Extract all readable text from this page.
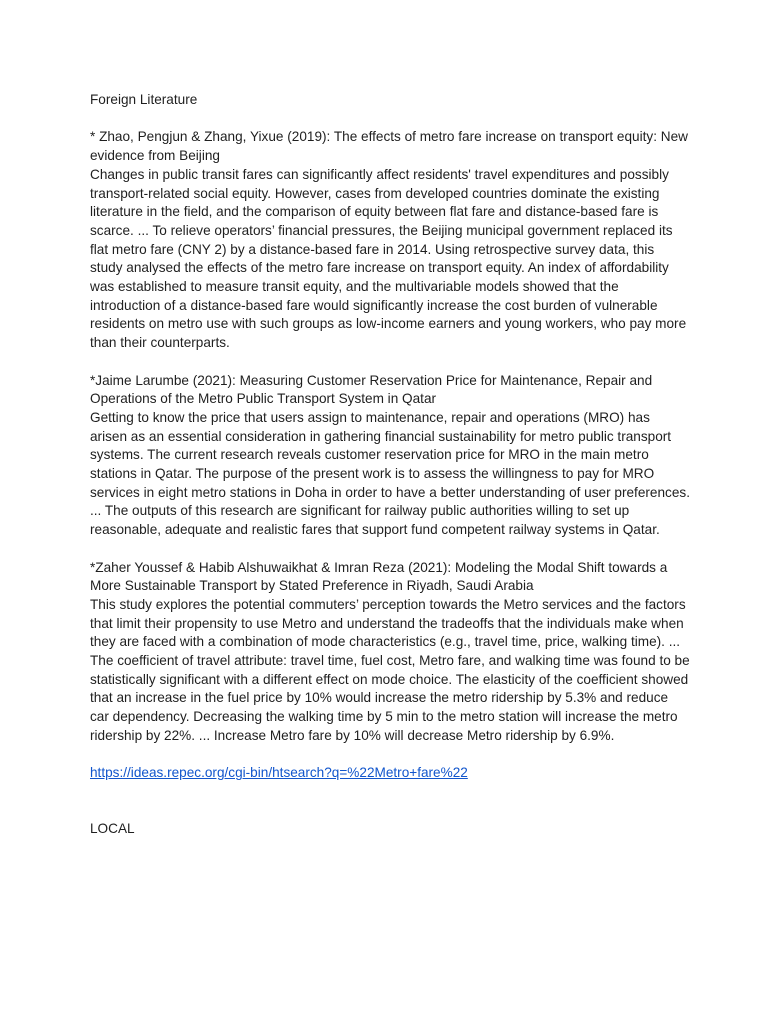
Foreign Literature

* Zhao, Pengjun & Zhang, Yixue (2019): The effects of metro fare increase on transport equity: New evidence from Beijing

Changes in public transit fares can significantly affect residents' travel expenditures and possibly transport-related social equity. However, cases from developed countries dominate the existing literature in the field, and the comparison of equity between flat fare and distance-based fare is scarce. ... To relieve operators’ financial pressures, the Beijing municipal government replaced its flat metro fare (CNY 2) by a distance-based fare in 2014. Using retrospective survey data, this study analysed the effects of the metro fare increase on transport equity. An index of affordability was established to measure transit equity, and the multivariable models showed that the introduction of a distance-based fare would significantly increase the cost burden of vulnerable residents on metro use with such groups as low-income earners and young workers, who pay more than their counterparts.

*Jaime Larumbe (2021): Measuring Customer Reservation Price for Maintenance, Repair and Operations of the Metro Public Transport System in Qatar

Getting to know the price that users assign to maintenance, repair and operations (MRO) has arisen as an essential consideration in gathering financial sustainability for metro public transport systems. The current research reveals customer reservation price for MRO in the main metro stations in Qatar. The purpose of the present work is to assess the willingness to pay for MRO services in eight metro stations in Doha in order to have a better understanding of user preferences. ... The outputs of this research are significant for railway public authorities willing to set up reasonable, adequate and realistic fares that support fund competent railway systems in Qatar.

*Zaher Youssef & Habib Alshuwaikhat & Imran Reza (2021): Modeling the Modal Shift towards a More Sustainable Transport by Stated Preference in Riyadh, Saudi Arabia

This study explores the potential commuters’ perception towards the Metro services and the factors that limit their propensity to use Metro and understand the tradeoffs that the individuals make when they are faced with a combination of mode characteristics (e.g., travel time, price, walking time). ... The coefficient of travel attribute: travel time, fuel cost, Metro fare, and walking time was found to be statistically significant with a different effect on mode choice. The elasticity of the coefficient showed that an increase in the fuel price by 10% would increase the metro ridership by 5.3% and reduce car dependency. Decreasing the walking time by 5 min to the metro station will increase the metro ridership by 22%. ... Increase Metro fare by 10% will decrease Metro ridership by 6.9%.

https://ideas.repec.org/cgi-bin/htsearch?q=%22Metro+fare%22

LOCAL
